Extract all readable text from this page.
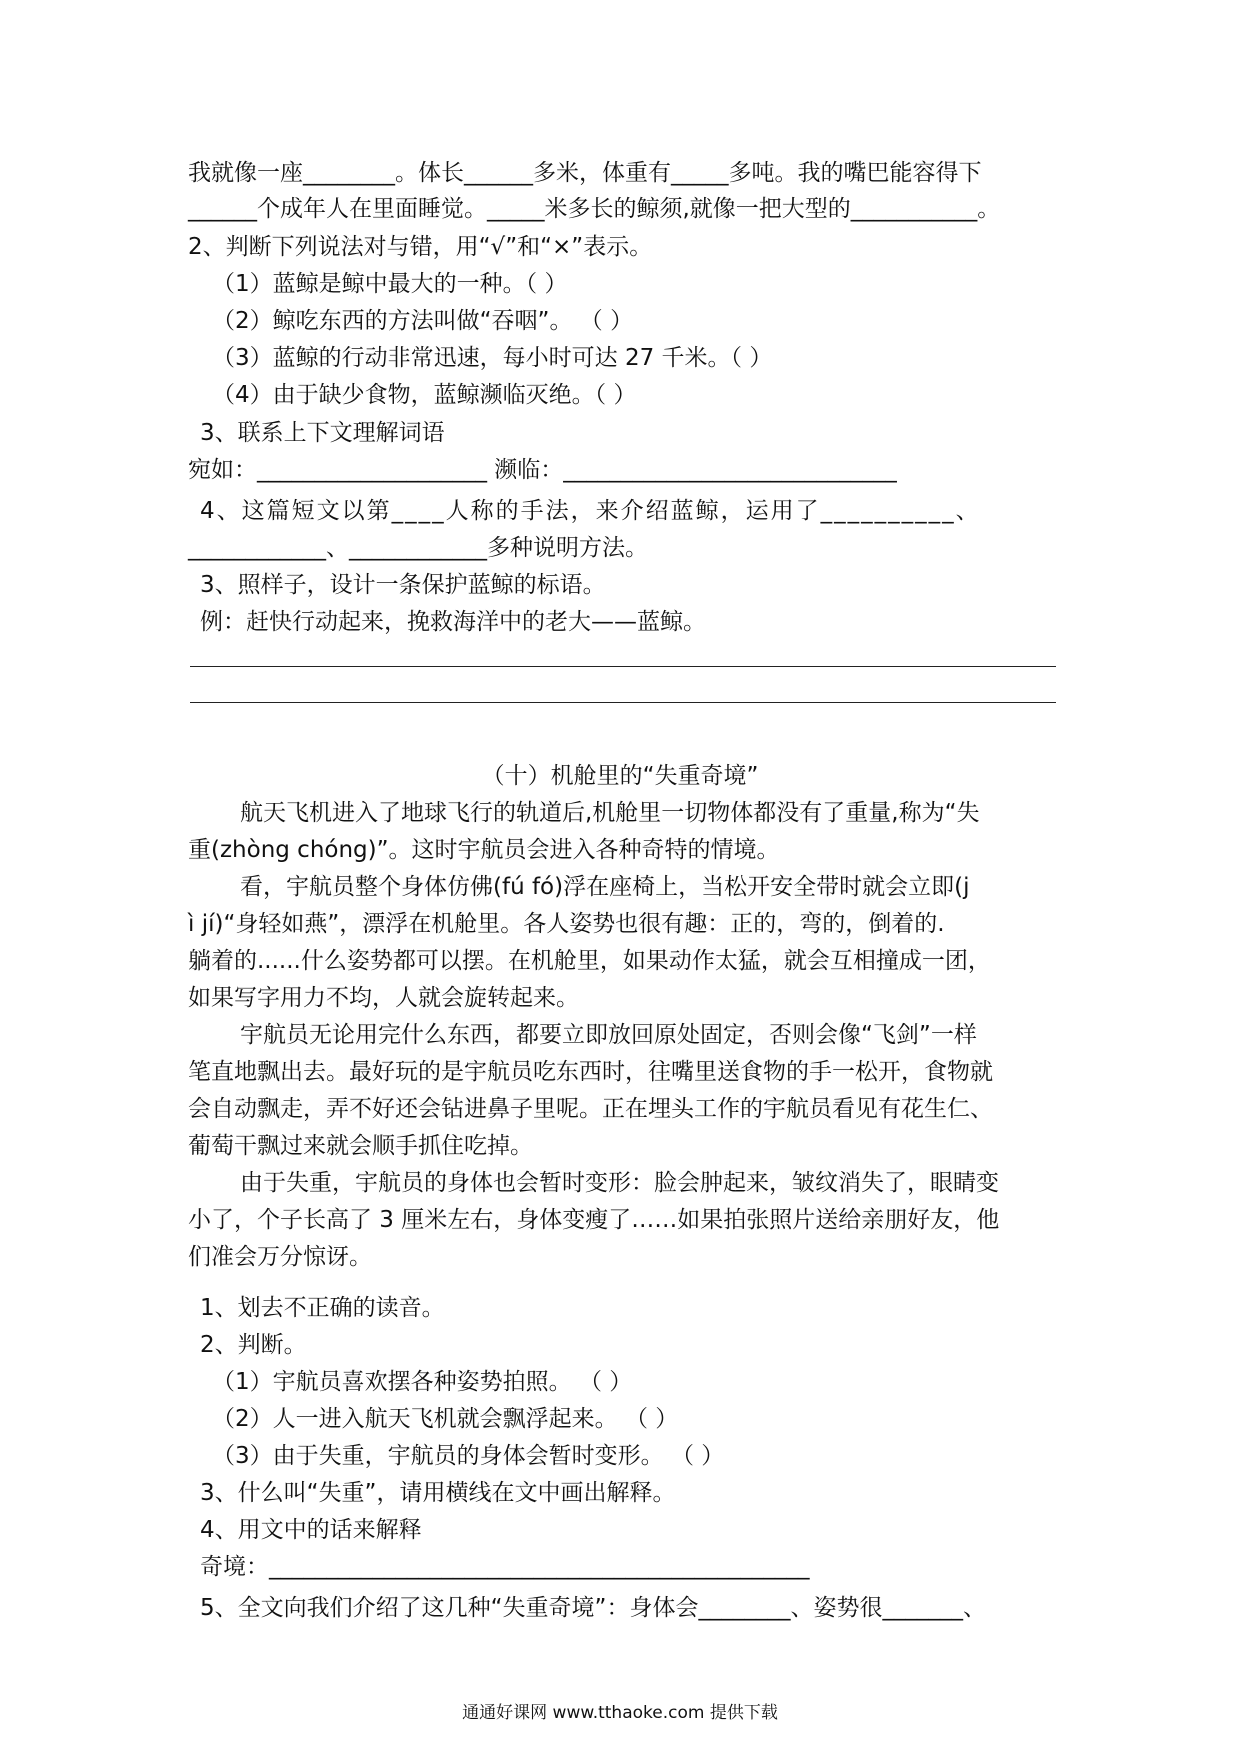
我就像一座________。体长______多米，体重有_____多吨。我的嘴巴能容得下
______个成年人在里面睡觉。_____米多长的鲸须,就像一把大型的___________。
2、判断下列说法对与错，用“√”和“×”表示。
（1）蓝鲸是鲸中最大的一种。（ ）
（2）鲸吃东西的方法叫做“吞咽”。 （ ）
（3）蓝鲸的行动非常迅速，每小时可达 27 千米。（ ）
（4）由于缺少食物，蓝鲸濒临灭绝。（ ）
3、联系上下文理解词语
宛如：____________________ 濒临：_____________________________
4、这篇短文以第____人称的手法，来介绍蓝鲸，运用了__________、
____________、____________多种说明方法。
3、照样子，设计一条保护蓝鲸的标语。
例：赶快行动起来，挽救海洋中的老大——蓝鲸。
（十）机舱里的“失重奇境”
航天飞机进入了地球飞行的轨道后,机舱里一切物体都没有了重量,称为“失
重(zhòng chóng)”。这时宇航员会进入各种奇特的情境。
看，宇航员整个身体仿佛(fú fó)浮在座椅上，当松开安全带时就会立即(j
ì jí)“身轻如燕”，漂浮在机舱里。各人姿势也很有趣：正的，弯的，倒着的.
躺着的......什么姿势都可以摆。在机舱里，如果动作太猛，就会互相撞成一团，
如果写字用力不均，人就会旋转起来。
宇航员无论用完什么东西，都要立即放回原处固定，否则会像“飞剑”一样
笔直地飘出去。最好玩的是宇航员吃东西时，往嘴里送食物的手一松开，食物就
会自动飘走，弄不好还会钻进鼻子里呢。正在埋头工作的宇航员看见有花生仁、
葡萄干飘过来就会顺手抓住吃掉。
由于失重，宇航员的身体也会暂时变形：脸会肿起来，皱纹消失了，眼睛变
小了，个子长高了 3 厘米左右，身体变瘦了……如果拍张照片送给亲朋好友，他
们准会万分惊讶。
1、划去不正确的读音。
2、判断。
（1）宇航员喜欢摆各种姿势拍照。 （ ）
（2）人一进入航天飞机就会飘浮起来。 （ ）
（3）由于失重，宇航员的身体会暂时变形。 （ ）
3、什么叫“失重”，请用横线在文中画出解释。
4、用文中的话来解释
奇境：_______________________________________________
5、全文向我们介绍了这几种“失重奇境”：身体会________、姿势很_______、
通通好课网 www.tthaoke.com 提供下载
